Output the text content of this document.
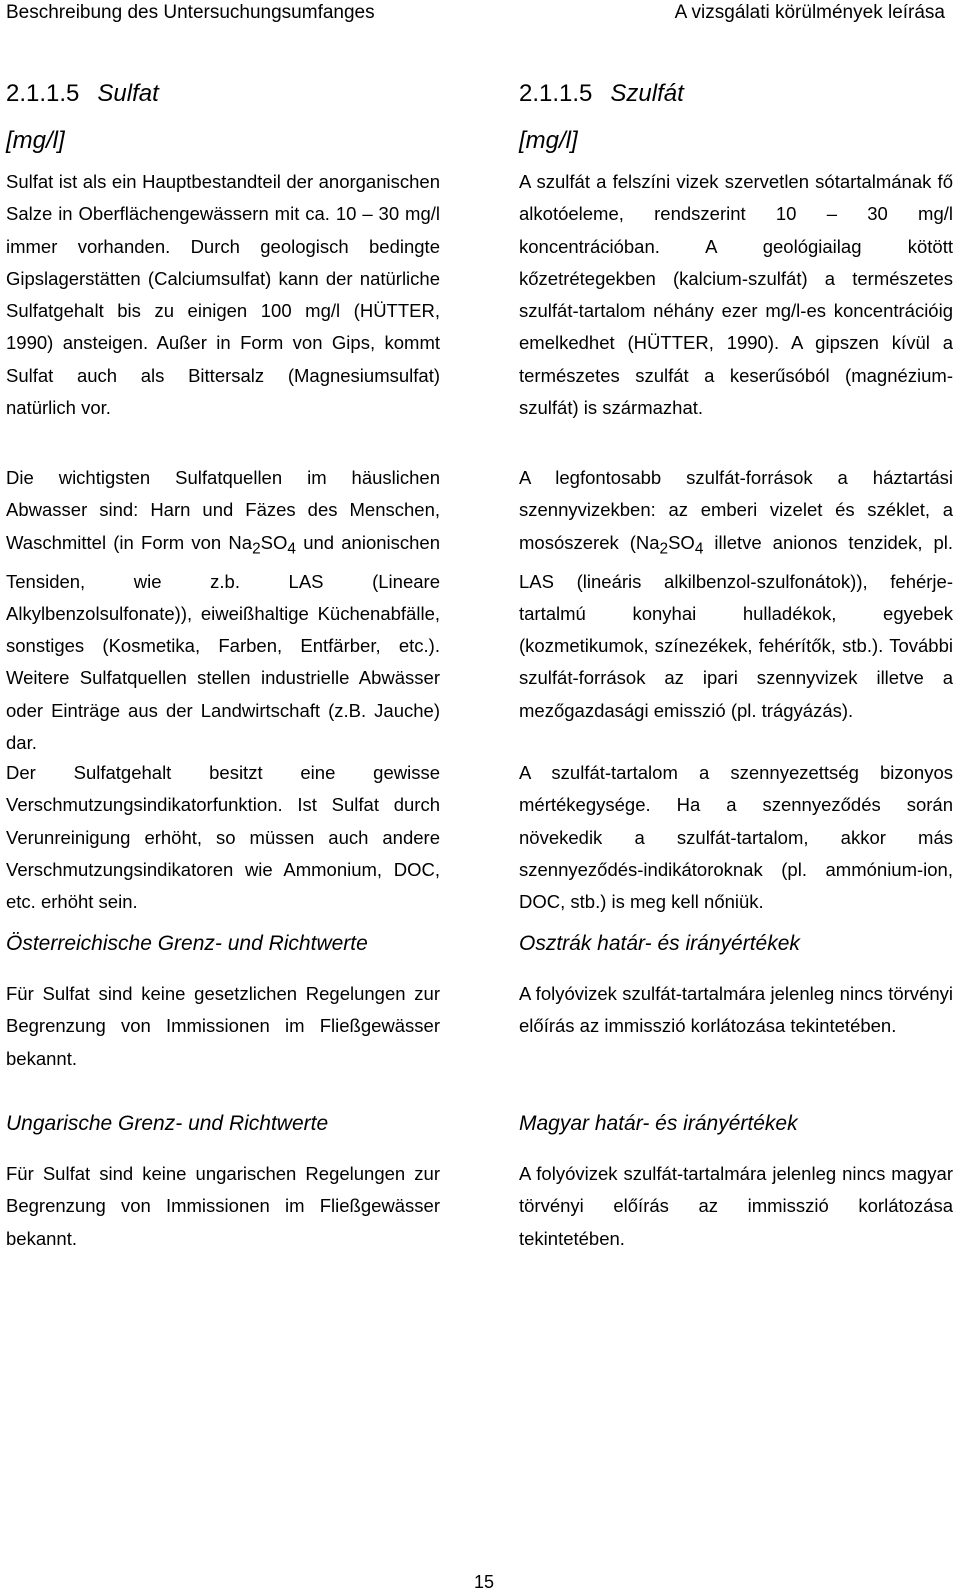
Beschreibung des Untersuchungsumfanges	A vizsgálati körülmények leírása
2.1.1.5 Sulfat
[mg/l]

Sulfat ist als ein Hauptbestandteil der anorganischen Salze in Oberflächengewässern mit ca. 10 – 30 mg/l immer vorhanden. Durch geologisch bedingte Gipslagerstätten (Calciumsulfat) kann der natürliche Sulfatgehalt bis zu einigen 100 mg/l (HÜTTER, 1990) ansteigen. Außer in Form von Gips, kommt Sulfat auch als Bittersalz (Magnesiumsulfat) natürlich vor.

Die wichtigsten Sulfatquellen im häuslichen Abwasser sind: Harn und Fäzes des Menschen, Waschmittel (in Form von $Na_2SO_4$ und anionischen Tensiden, wie z.b. LAS (Lineare Alkylbenzolsulfonate)), eiweißhaltige Küchenabfälle, sonstiges (Kosmetika, Farben, Entfärber, etc.). Weitere Sulfatquellen stellen industrielle Abwässer oder Einträge aus der Landwirtschaft (z.B. Jauche) dar.

Der Sulfatgehalt besitzt eine gewisse Verschmutzungsindikatorfunktion. Ist Sulfat durch Verunreinigung erhöht, so müssen auch andere Verschmutzungsindikatoren wie Ammonium, DOC, etc. erhöht sein.

Österreichische Grenz- und Richtwerte

Für Sulfat sind keine gesetzlichen Regelungen zur Begrenzung von Immissionen im Fließgewässer bekannt.

Ungarische Grenz- und Richtwerte

Für Sulfat sind keine ungarischen Regelungen zur Begrenzung von Immissionen im Fließgewässer bekannt.

2.1.1.5 Szulfát
[mg/l]

A szulfát a felszíni vizek szervetlen sótartalmának fő alkotóeleme, rendszerint 10 – 30 mg/l koncentrációban. A geológiailag kötött kőzetrétegekben (kalcium-szulfát) a természetes szulfát-tartalom néhány ezer mg/l-es koncentrációig emelkedhet (HÜTTER, 1990). A gipszen kívül a természetes szulfát a keserűsóból (magnézium-szulfát) is származhat.

A legfontosabb szulfát-források a háztartási szennyvizekben: az emberi vizelet és széklet, a mosószerek ($Na_2SO_4$ illetve anionos tenzidek, pl. LAS (lineáris alkilbenzol-szulfonátok)), fehérje-tartalmú konyhai hulladékok, egyebek (kozmetikumok, színezékek, fehérítők, stb.). További szulfát-források az ipari szennyvizek illetve a mezőgazdasági emisszió (pl. trágyázás).

A szulfát-tartalom a szennyezettség bizonyos mértékegysége. Ha a szennyeződés során növekedik a szulfát-tartalom, akkor más szennyeződés-indikátoroknak (pl. ammónium-ion, DOC, stb.) is meg kell nőniük.

Osztrák határ- és irányértékek

A folyóvizek szulfát-tartalmára jelenleg nincs törvényi előírás az immisszió korlátozása tekintetében.

Magyar határ- és irányértékek

A folyóvizek szulfát-tartalmára jelenleg nincs magyar törvényi előírás az immisszió korlátozása tekintetében.

15
